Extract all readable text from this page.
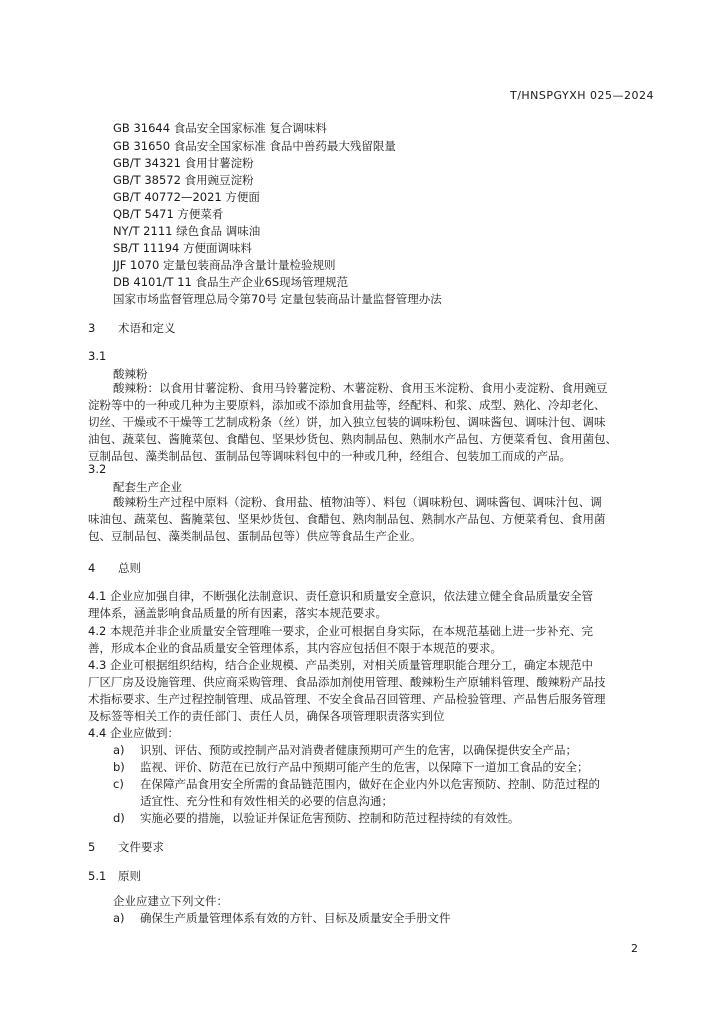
T/HNSPGYXH 025—2024
GB 31644 食品安全国家标准 复合调味料
GB 31650 食品安全国家标准 食品中兽药最大残留限量
GB/T 34321 食用甘薯淀粉
GB/T 38572 食用豌豆淀粉
GB/T 40772—2021 方便面
QB/T 5471 方便菜肴
NY/T 2111 绿色食品 调味油
SB/T 11194 方便面调味料
JJF 1070 定量包装商品净含量计量检验规则
DB 4101/T 11 食品生产企业6S现场管理规范
国家市场监督管理总局令第70号 定量包装商品计量监督管理办法
3 术语和定义
3.1
酸辣粉
酸辣粉：以食用甘薯淀粉、食用马铃薯淀粉、木薯淀粉、食用玉米淀粉、食用小麦淀粉、食用豌豆
淀粉等中的一种或几种为主要原料，添加或不添加食用盐等，经配料、和浆、成型、熟化、冷却老化、
切丝、干燥或不干燥等工艺制成粉条（丝）饼，加入独立包装的调味粉包、调味酱包、调味汁包、调味
油包、蔬菜包、酱腌菜包、食醋包、坚果炒货包、熟肉制品包、熟制水产品包、方便菜肴包、食用菌包、
豆制品包、藻类制品包、蛋制品包等调味料包中的一种或几种，经组合、包装加工而成的产品。
3.2
配套生产企业
酸辣粉生产过程中原料（淀粉、食用盐、植物油等）、料包（调味粉包、调味酱包、调味汁包、调
味油包、蔬菜包、酱腌菜包、坚果炒货包、食醋包、熟肉制品包、熟制水产品包、方便菜肴包、食用菌
包、豆制品包、藻类制品包、蛋制品包等）供应等食品生产企业。
4 总则
4.1 企业应加强自律，不断强化法制意识、责任意识和质量安全意识，依法建立健全食品质量安全管
理体系，涵盖影响食品质量的所有因素，落实本规范要求。
4.2 本规范并非企业质量安全管理唯一要求，企业可根据自身实际，在本规范基础上进一步补充、完
善，形成本企业的食品质量安全管理体系，其内容应包括但不限于本规范的要求。
4.3 企业可根据组织结构，结合企业规模、产品类别，对相关质量管理职能合理分工，确定本规范中
厂区厂房及设施管理、供应商采购管理、食品添加剂使用管理、酸辣粉生产原辅料管理、酸辣粉产品技
术指标要求、生产过程控制管理、成品管理、不安全食品召回管理、产品检验管理、产品售后服务管理
及标签等相关工作的责任部门、责任人员，确保各项管理职责落实到位
4.4 企业应做到：
a) 识别、评估、预防或控制产品对消费者健康预期可产生的危害，以确保提供安全产品；
b) 监视、评价、防范在已放行产品中预期可能产生的危害，以保障下一道加工食品的安全；
c) 在保障产品食用安全所需的食品链范围内，做好在企业内外以危害预防、控制、防范过程的
适宜性、充分性和有效性相关的必要的信息沟通；
d) 实施必要的措施，以验证并保证危害预防、控制和防范过程持续的有效性。
5 文件要求
5.1 原则
企业应建立下列文件：
a) 确保生产质量管理体系有效的方针、目标及质量安全手册文件
2
